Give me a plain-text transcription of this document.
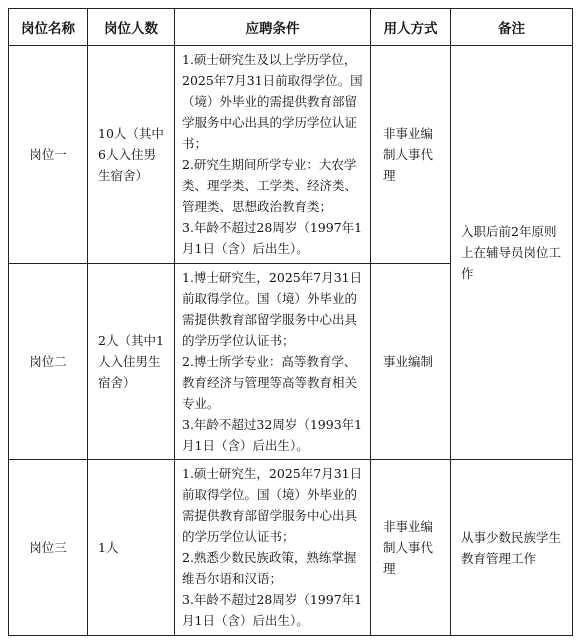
岗位名称	岗位人数	应聘条件	用人方式	备注
岗位一	10人（其中6人入住男生宿舍）	1.硕士研究生及以上学历学位，2025年7月31日前取得学位。国（境）外毕业的需提供教育部留学服务中心出具的学历学位认证书；
2.研究生期间所学专业：大农学类、理学类、工学类、经济类、管理类、思想政治教育类；
3.年龄不超过28周岁（1997年1月1日（含）后出生）。	非事业编制人事代理	入职后前2年原则上在辅导员岗位工作
岗位二	2人（其中1人入住男生宿舍）	1.博士研究生，2025年7月31日前取得学位。国（境）外毕业的需提供教育部留学服务中心出具的学历学位认证书；
2.博士所学专业：高等教育学、教育经济与管理等高等教育相关专业。
3.年龄不超过32周岁（1993年1月1日（含）后出生）。	事业编制	
岗位三	1人	1.硕士研究生，2025年7月31日前取得学位。国（境）外毕业的需提供教育部留学服务中心出具的学历学位认证书；
2.熟悉少数民族政策，熟练掌握维吾尔语和汉语；
3.年龄不超过28周岁（1997年1月1日（含）后出生）。	非事业编制人事代理	从事少数民族学生教育管理工作
